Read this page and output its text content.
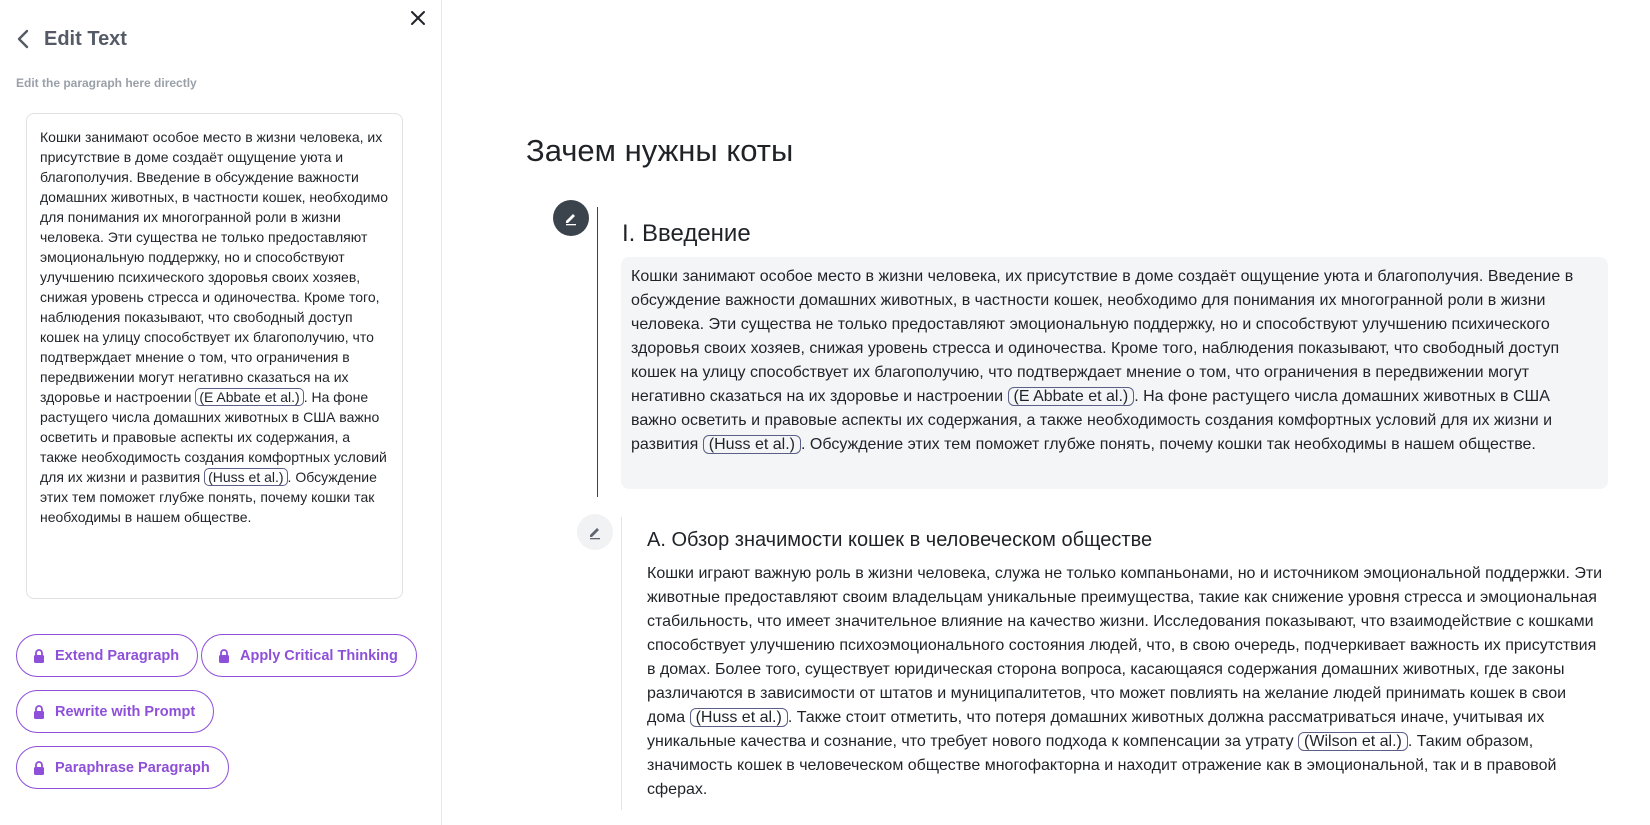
Edit Text
Edit the paragraph here directly
Кошки занимают особое место в жизни человека, их присутствие в доме создаёт ощущение уюта и благополучия. Введение в обсуждение важности домашних животных, в частности кошек, необходимо для понимания их многогранной роли в жизни человека. Эти существа не только предоставляют эмоциональную поддержку, но и способствуют улучшению психического здоровья своих хозяев, снижая уровень стресса и одиночества. Кроме того, наблюдения показывают, что свободный доступ кошек на улицу способствует их благополучию, что подтверждает мнение о том, что ограничения в передвижении могут негативно сказаться на их здоровье и настроении (E Abbate et al.) . На фоне растущего числа домашних животных в США важно осветить и правовые аспекты их содержания, а также необходимость создания комфортных условий для их жизни и развития (Huss et al.) . Обсуждение этих тем поможет глубже понять, почему кошки так необходимы в нашем обществе.
Extend Paragraph	Apply Critical Thinking
Rewrite with Prompt
Paraphrase Paragraph
Зачем нужны коты
I. Введение
Кошки занимают особое место в жизни человека, их присутствие в доме создаёт ощущение уюта и благополучия. Введение в обсуждение важности домашних животных, в частности кошек, необходимо для понимания их многогранной роли в жизни человека. Эти существа не только предоставляют эмоциональную поддержку, но и способствуют улучшению психического здоровья своих хозяев, снижая уровень стресса и одиночества. Кроме того, наблюдения показывают, что свободный доступ кошек на улицу способствует их благополучию, что подтверждает мнение о том, что ограничения в передвижении могут негативно сказаться на их здоровье и настроении (E Abbate et al.) . На фоне растущего числа домашних животных в США важно осветить и правовые аспекты их содержания, а также необходимость создания комфортных условий для их жизни и развития (Huss et al.) . Обсуждение этих тем поможет глубже понять, почему кошки так необходимы в нашем обществе.
A. Обзор значимости кошек в человеческом обществе
Кошки играют важную роль в жизни человека, служа не только компаньонами, но и источником эмоциональной поддержки. Эти животные предоставляют своим владельцам уникальные преимущества, такие как снижение уровня стресса и эмоциональная стабильность, что имеет значительное влияние на качество жизни. Исследования показывают, что взаимодействие с кошками способствует улучшению психоэмоционального состояния людей, что, в свою очередь, подчеркивает важность их присутствия в домах. Более того, существует юридическая сторона вопроса, касающаяся содержания домашних животных, где законы различаются в зависимости от штатов и муниципалитетов, что может повлиять на желание людей принимать кошек в свои дома (Huss et al.) . Также стоит отметить, что потеря домашних животных должна рассматриваться иначе, учитывая их уникальные качества и сознание, что требует нового подхода к компенсации за утрату (Wilson et al.) . Таким образом, значимость кошек в человеческом обществе многофакторна и находит отражение как в эмоциональной, так и в правовой сферах.
